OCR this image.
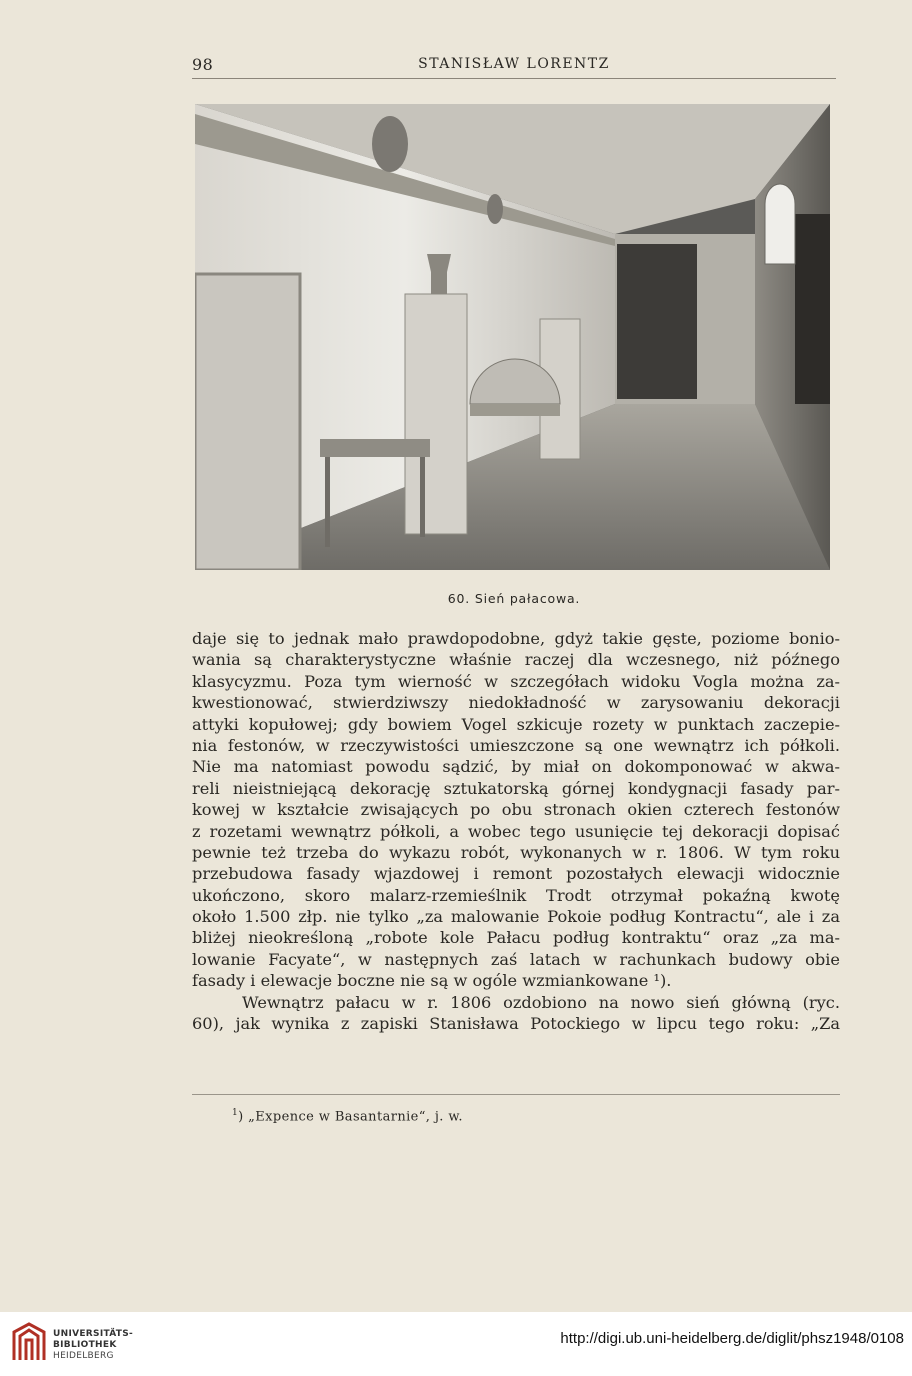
98	STANISŁAW LORENTZ
60. Sień pałacowa.
daje się to jednak mało prawdopodobne, gdyż takie gęste, poziome bonio-
wania są charakterystyczne właśnie raczej dla wczesnego, niż późnego
klasycyzmu. Poza tym wierność w szczegółach widoku Vogla można za-
kwestionować, stwierdziwszy niedokładność w zarysowaniu dekoracji
attyki kopułowej; gdy bowiem Vogel szkicuje rozety w punktach zaczepie-
nia festonów, w rzeczywistości umieszczone są one wewnątrz ich półkoli.
Nie ma natomiast powodu sądzić, by miał on dokomponować w akwa-
reli nieistniejącą dekorację sztukatorską górnej kondygnacji fasady par-
kowej w kształcie zwisających po obu stronach okien czterech festonów
z rozetami wewnątrz półkoli, a wobec tego usunięcie tej dekoracji dopisać
pewnie też trzeba do wykazu robót, wykonanych w r. 1806. W tym roku
przebudowa fasady wjazdowej i remont pozostałych elewacji widocznie
ukończono, skoro malarz-rzemieślnik Trodt otrzymał pokaźną kwotę
około 1.500 złp. nie tylko „za malowanie Pokoie podług Kontractu“, ale i za
bliżej nieokreśloną „robote kole Pałacu podług kontraktu“ oraz „za ma-
lowanie Facyate“, w następnych zaś latach w rachunkach budowy obie
fasady i elewacje boczne nie są w ogóle wzmiankowane ¹).
Wewnątrz pałacu w r. 1806 ozdobiono na nowo sień główną (ryc.
60), jak wynika z zapiski Stanisława Potockiego w lipcu tego roku: „Za
$^1$) „Expence w Basantarnie“, j. w.
UNIVERSITÄTS-
BIBLIOTHEK
HEIDELBERG
http://digi.ub.uni-heidelberg.de/diglit/phsz1948/0108
